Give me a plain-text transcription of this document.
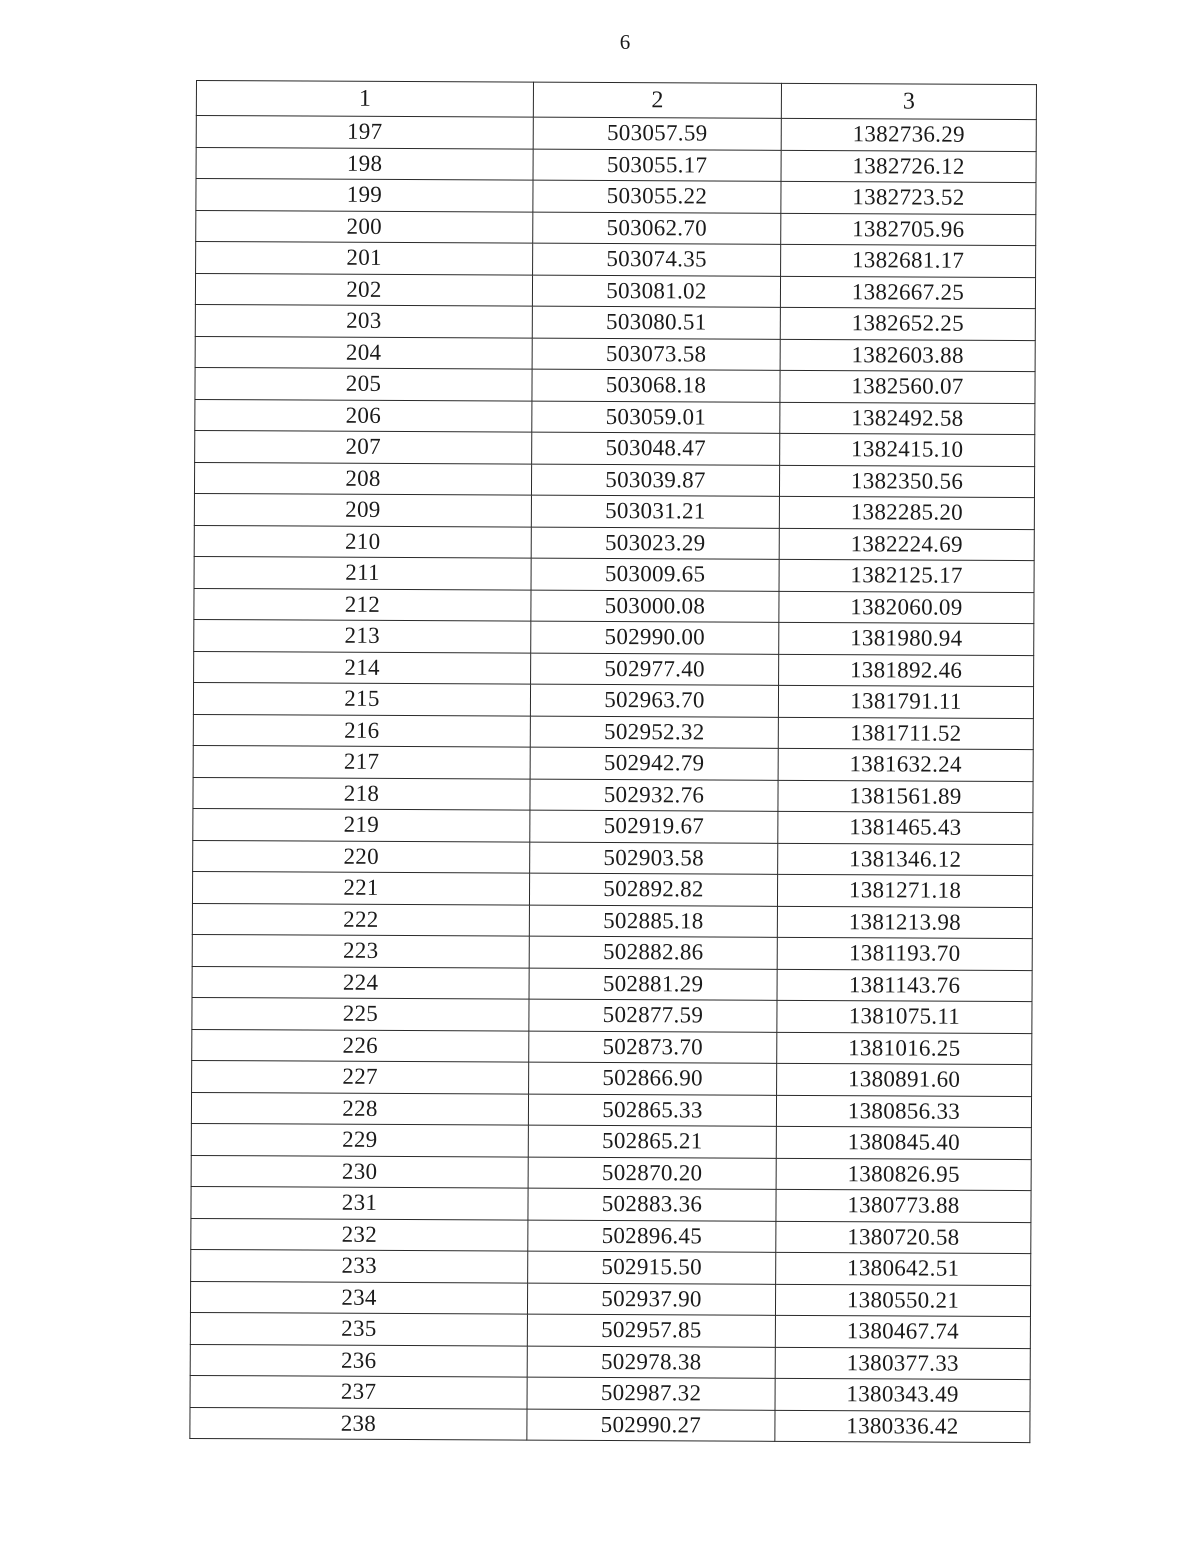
6
1	2	3
197	503057.59	1382736.29
198	503055.17	1382726.12
199	503055.22	1382723.52
200	503062.70	1382705.96
201	503074.35	1382681.17
202	503081.02	1382667.25
203	503080.51	1382652.25
204	503073.58	1382603.88
205	503068.18	1382560.07
206	503059.01	1382492.58
207	503048.47	1382415.10
208	503039.87	1382350.56
209	503031.21	1382285.20
210	503023.29	1382224.69
211	503009.65	1382125.17
212	503000.08	1382060.09
213	502990.00	1381980.94
214	502977.40	1381892.46
215	502963.70	1381791.11
216	502952.32	1381711.52
217	502942.79	1381632.24
218	502932.76	1381561.89
219	502919.67	1381465.43
220	502903.58	1381346.12
221	502892.82	1381271.18
222	502885.18	1381213.98
223	502882.86	1381193.70
224	502881.29	1381143.76
225	502877.59	1381075.11
226	502873.70	1381016.25
227	502866.90	1380891.60
228	502865.33	1380856.33
229	502865.21	1380845.40
230	502870.20	1380826.95
231	502883.36	1380773.88
232	502896.45	1380720.58
233	502915.50	1380642.51
234	502937.90	1380550.21
235	502957.85	1380467.74
236	502978.38	1380377.33
237	502987.32	1380343.49
238	502990.27	1380336.42
